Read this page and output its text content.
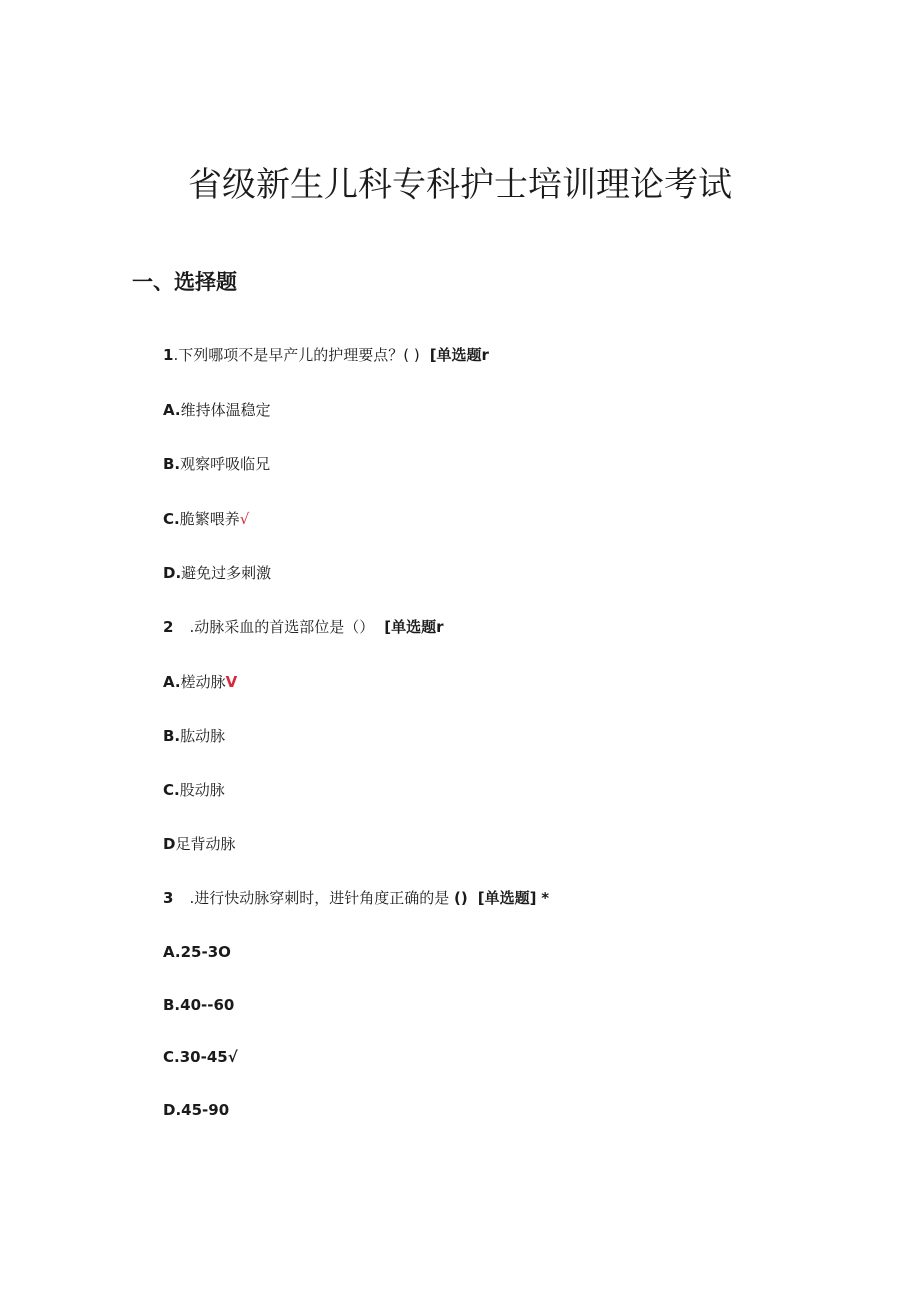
省级新生儿科专科护士培训理论考试
一、选择题
1.下列哪项不是早产儿的护理要点？( ) [单选题r
A.维持体温稳定
B.观察呼吸临兄
C.脆繁喂养√
D.避免过多刺激
2 .动脉采血的首选部位是（） [单选题r
A.槎动脉V
B.肱动脉
C.股动脉
D足背动脉
3 .进行快动脉穿刺时，进针角度正确的是 () [单选题] *
A.25-3O
B.40--60
C.30-45√
D.45-90
